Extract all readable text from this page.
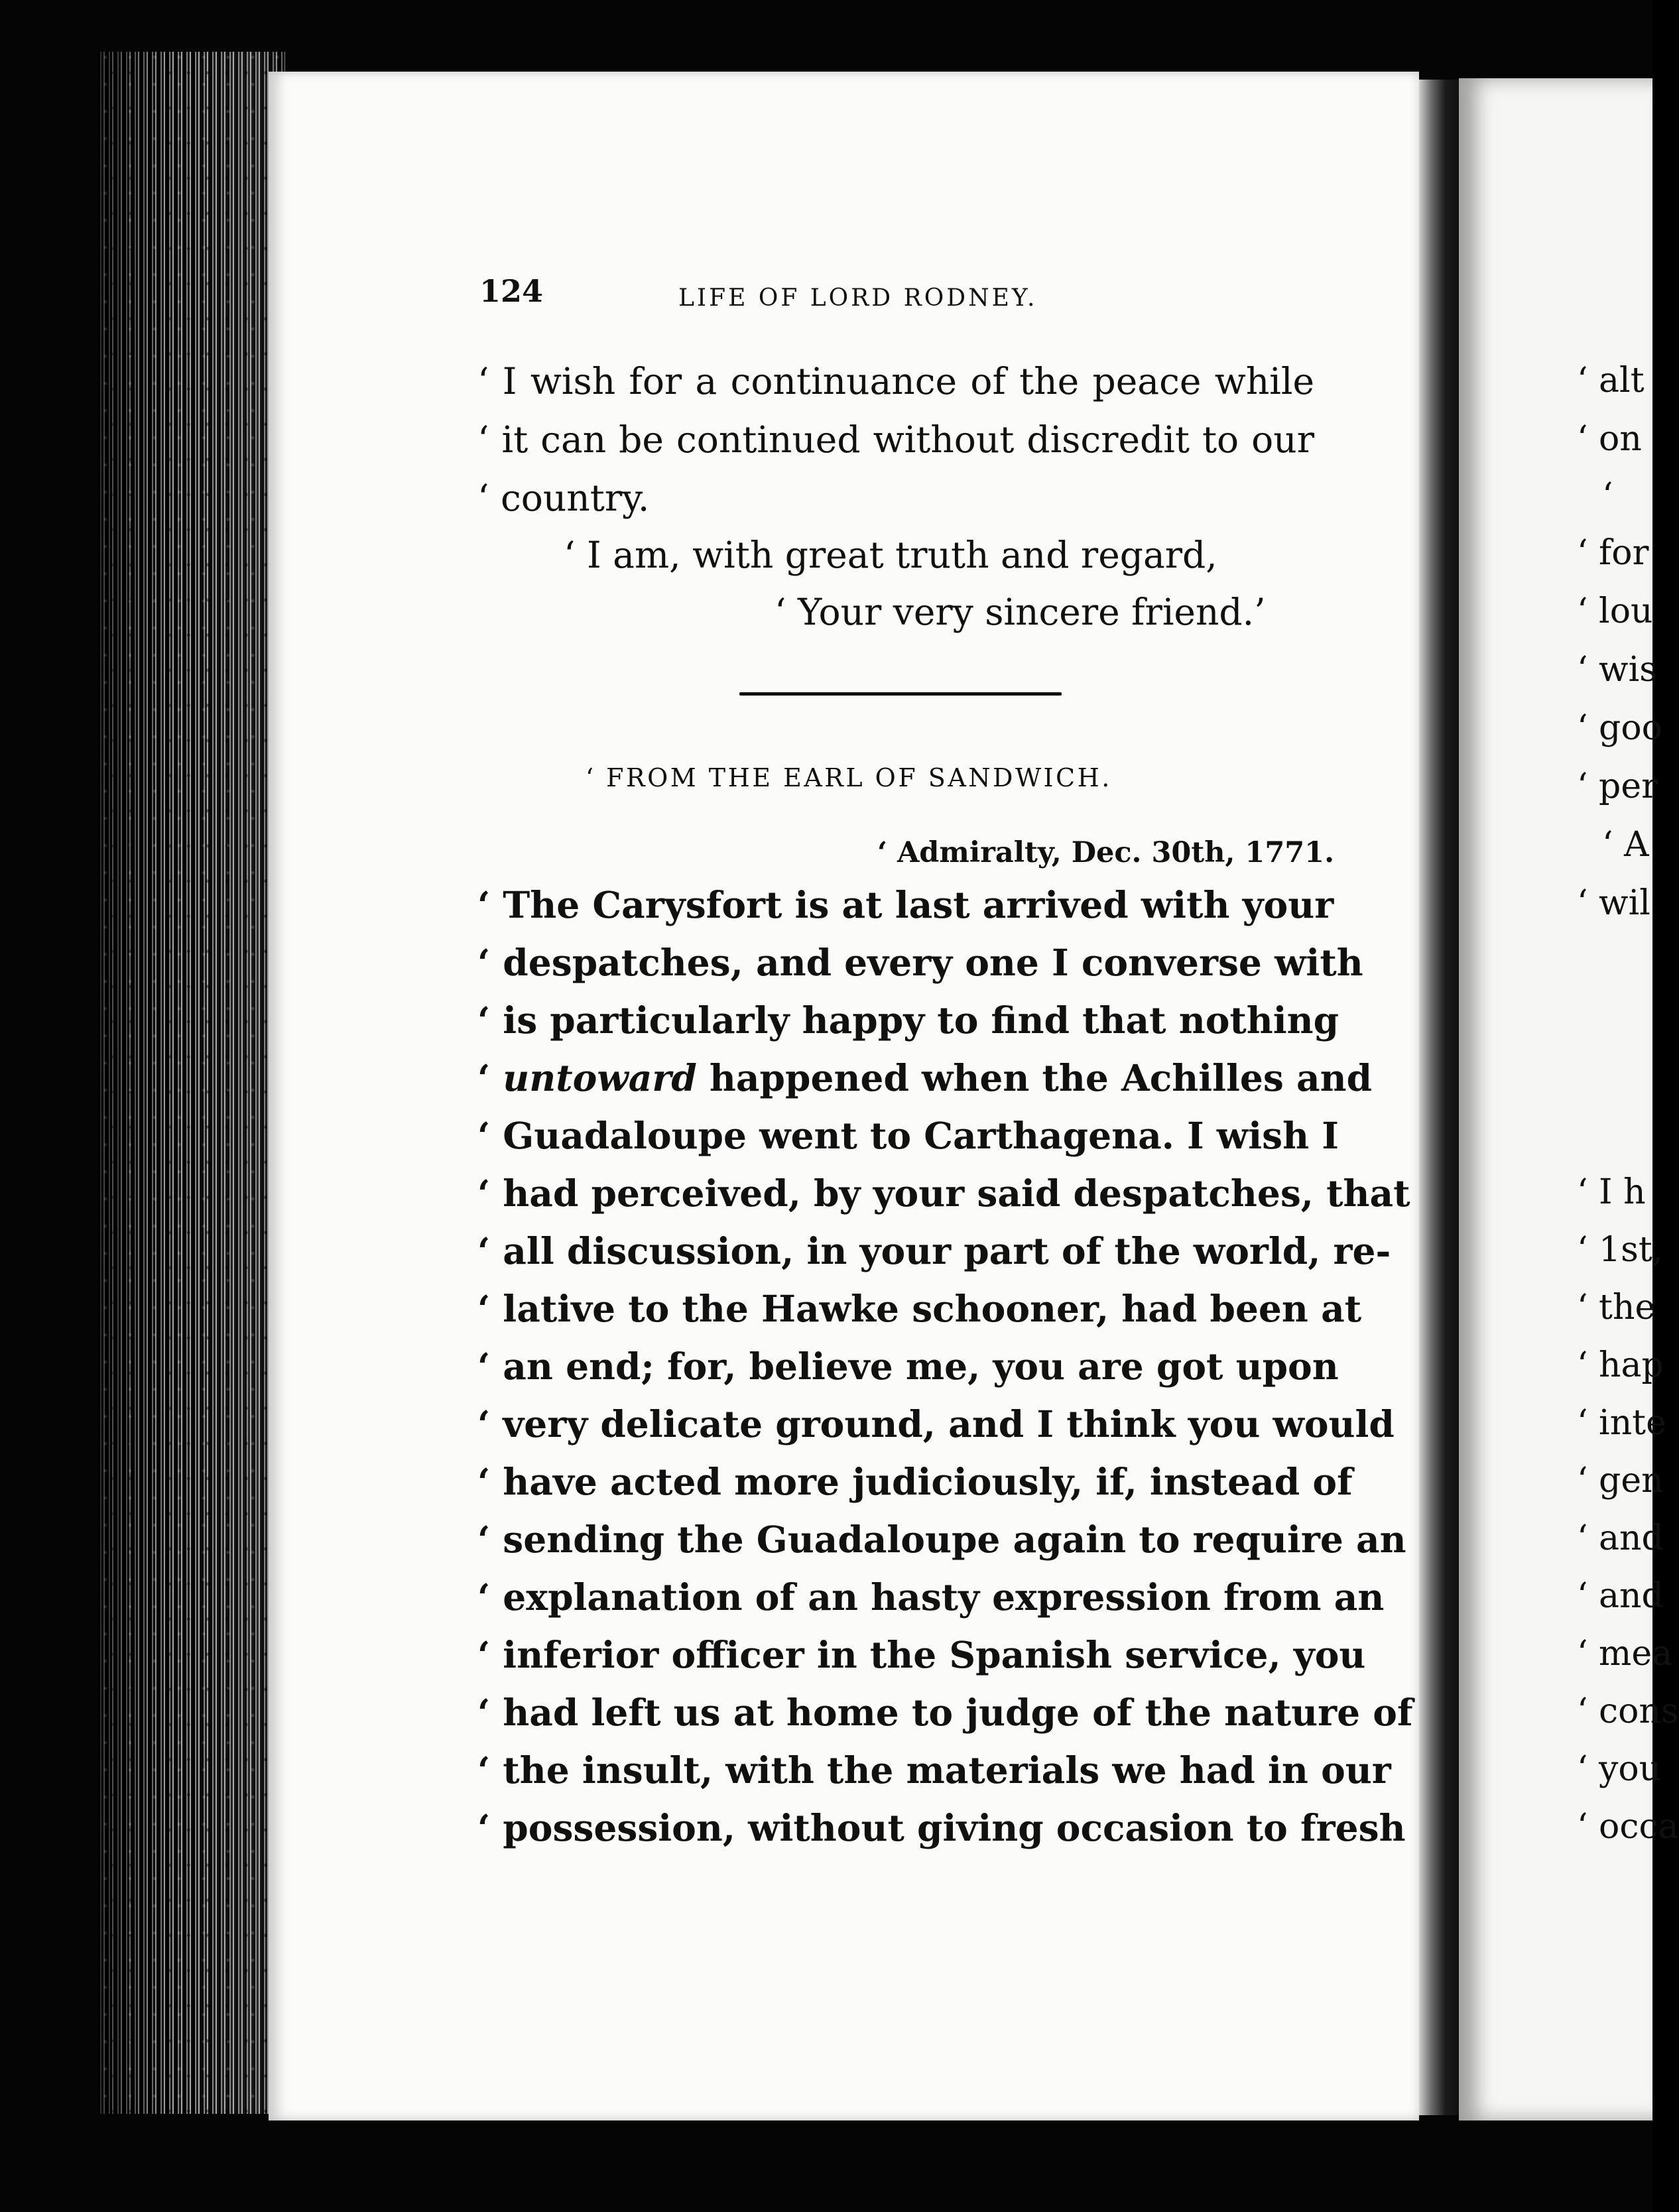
124	LIFE OF LORD RODNEY.
‘ I wish for a continuance of the peace while
‘ it can be continued without discredit to our
‘ country.
‘ I am, with great truth and regard,
‘ Your very sincere friend.’
‘ FROM THE EARL OF SANDWICH.
‘ Admiralty, Dec. 30th, 1771.
‘ The Carysfort is at last arrived with your
‘ despatches, and every one I converse with
‘ is particularly happy to find that nothing
‘ untoward happened when the Achilles and
‘ Guadaloupe went to Carthagena. I wish I
‘ had perceived, by your said despatches, that
‘ all discussion, in your part of the world, re-
‘ lative to the Hawke schooner, had been at
‘ an end; for, believe me, you are got upon
‘ very delicate ground, and I think you would
‘ have acted more judiciously, if, instead of
‘ sending the Guadaloupe again to require an
‘ explanation of an hasty expression from an
‘ inferior officer in the Spanish service, you
‘ had left us at home to judge of the nature of
‘ the insult, with the materials we had in our
‘ possession, without giving occasion to fresh
‘ alt
‘ on
‘
‘ for
‘ lou
‘ wis
‘ goo
‘ per
‘ A
‘ wil
‘ I h
‘ 1st,
‘ the
‘ hap
‘ inte
‘ gen
‘ and
‘ and
‘ mea
‘ cons
‘ you
‘ occa
